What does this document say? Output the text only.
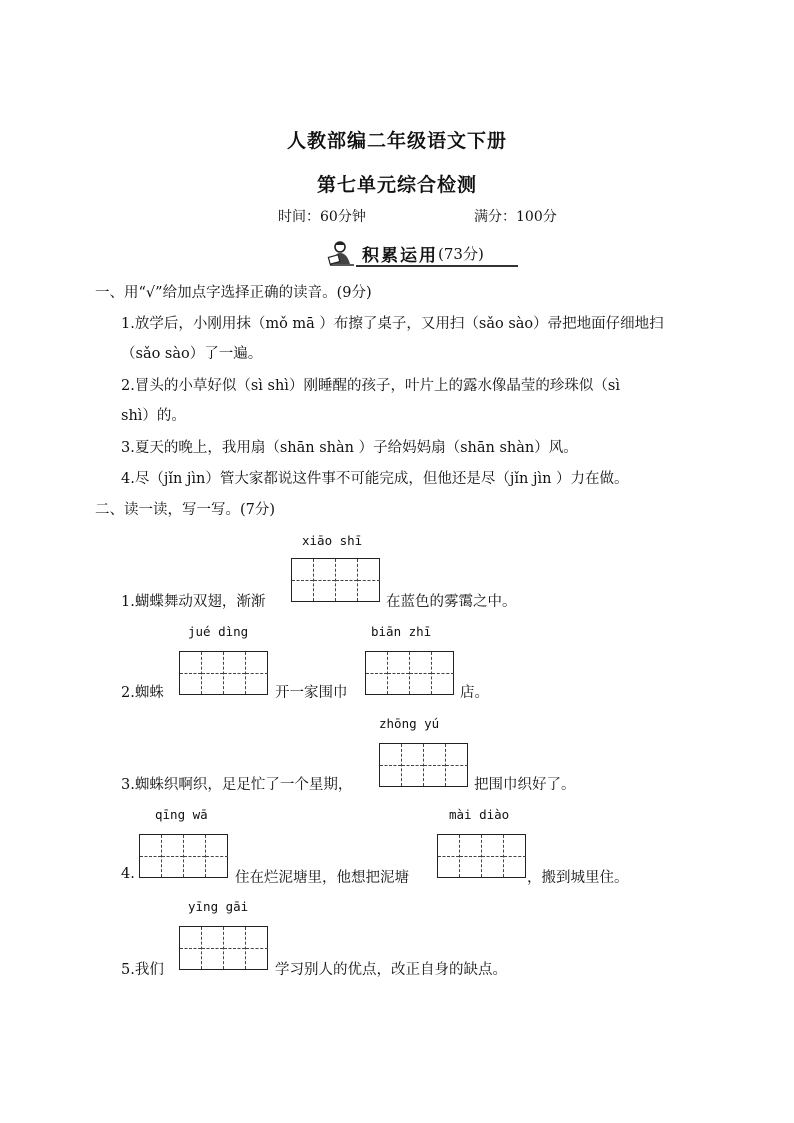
人教部编二年级语文下册
第七单元综合检测
时间：60分钟	满分：100分
积累运用 (73分)
一、用“√”给加点字选择正确的读音。(9分)
1.放学后，小刚用抹（mǒ mā ）布擦了桌子，又用扫（sǎo sào）帚把地面仔细地扫
（sǎo sào）了一遍。
2.冒头的小草好似（sì shì）刚睡醒的孩子，叶片上的露水像晶莹的珍珠似（sì
shì）的。
3.夏天的晚上，我用扇（shān shàn ）子给妈妈扇（shān shàn）风。
4.尽（jǐn jìn）管大家都说这件事不可能完成，但他还是尽（jǐn jìn ）力在做。
二、读一读，写一写。(7分)
xiāo shī
1.蝴蝶舞动双翅，渐渐	在蓝色的雾霭之中。
jué dìng
2.蜘蛛	开一家围巾
biān zhī
店。
zhōng yú
3.蜘蛛织啊织，足足忙了一个星期，	把围巾织好了。
qīng wā
4.	住在烂泥塘里，他想把泥塘
mài diào
，搬到城里住。
yīng gāi
5.我们	学习别人的优点，改正自身的缺点。
